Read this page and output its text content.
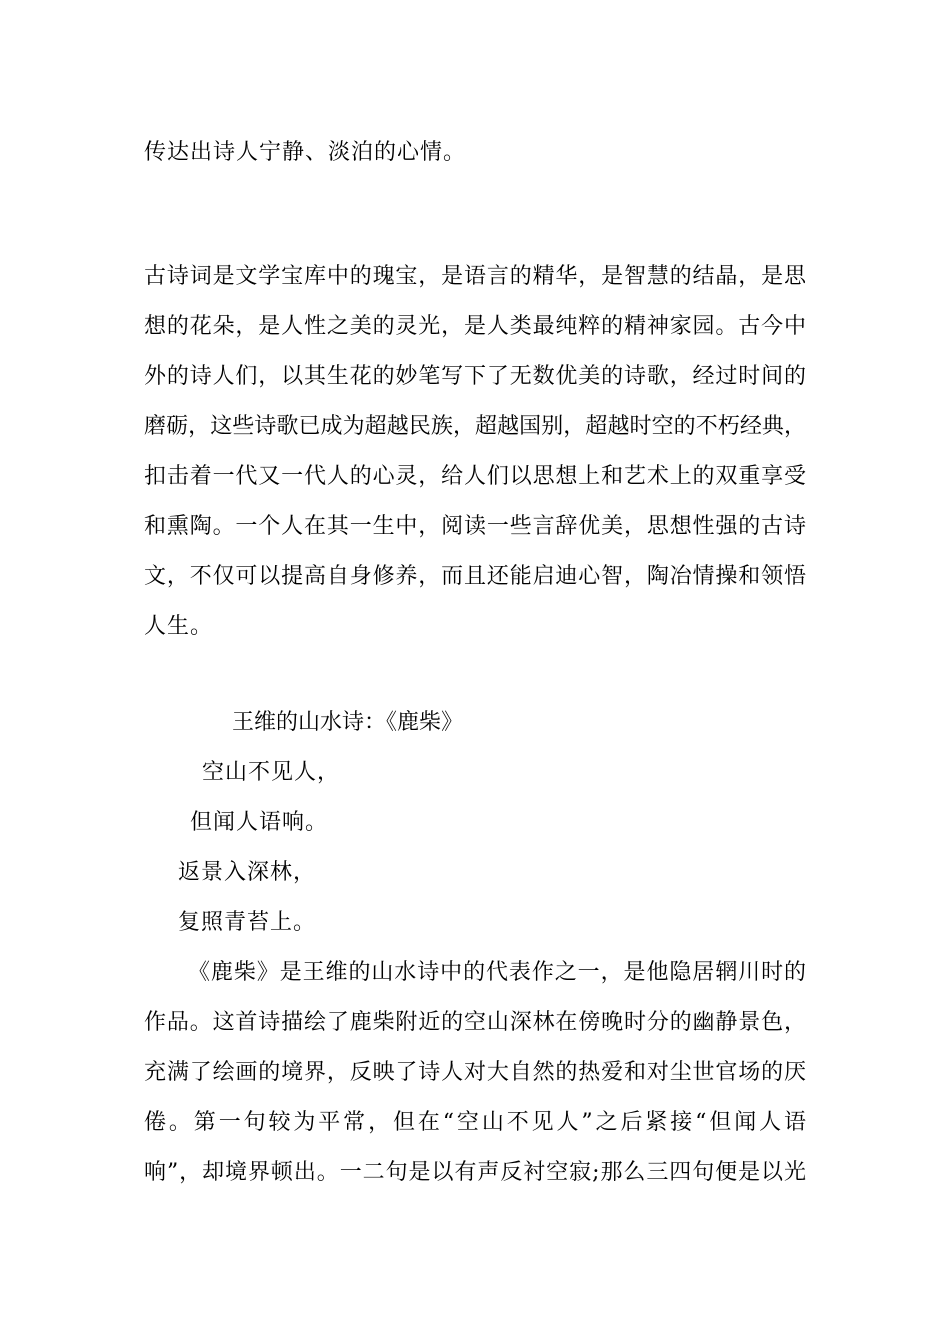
传达出诗人宁静、淡泊的心情。
古诗词是文学宝库中的瑰宝，是语言的精华，是智慧的结晶，是思
想的花朵，是人性之美的灵光，是人类最纯粹的精神家园。古今中
外的诗人们，以其生花的妙笔写下了无数优美的诗歌，经过时间的
磨砺，这些诗歌已成为超越民族，超越国别，超越时空的不朽经典，
扣击着一代又一代人的心灵，给人们以思想上和艺术上的双重享受
和熏陶。一个人在其一生中，阅读一些言辞优美，思想性强的古诗
文，不仅可以提高自身修养，而且还能启迪心智，陶冶情操和领悟
人生。
王维的山水诗：《鹿柴》
空山不见人，
但闻人语响。
返景入深林，
复照青苔上。
《鹿柴》是王维的山水诗中的代表作之一，是他隐居辋川时的
作品。这首诗描绘了鹿柴附近的空山深林在傍晚时分的幽静景色，
充满了绘画的境界，反映了诗人对大自然的热爱和对尘世官场的厌
倦。第一句较为平常，但在“空山不见人”之后紧接“但闻人语
响”，却境界顿出。一二句是以有声反衬空寂;那么三四句便是以光
